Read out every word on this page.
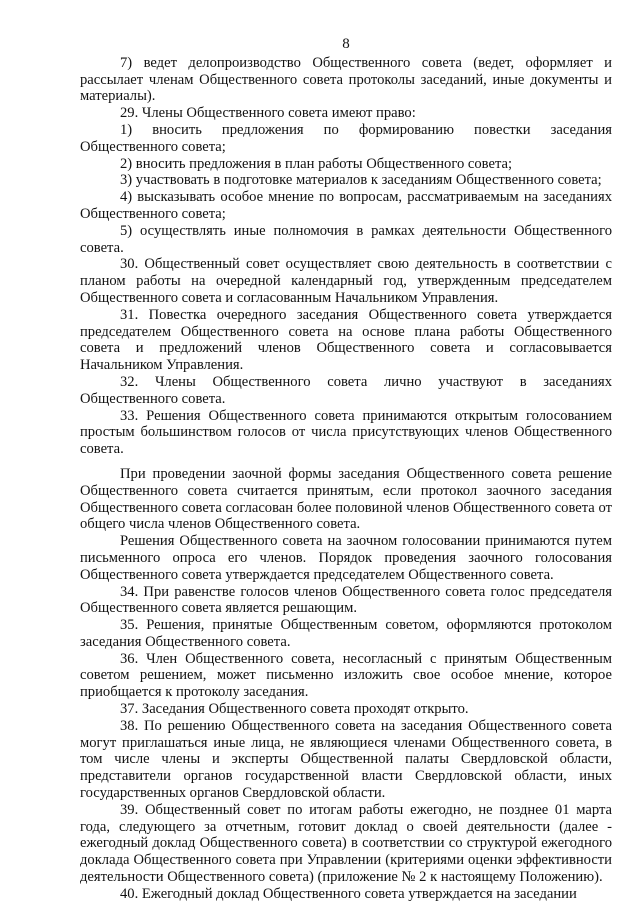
8

7) ведет делопроизводство Общественного совета (ведет, оформляет и рассылает членам Общественного совета протоколы заседаний, иные документы и материалы).

29. Члены Общественного совета имеют право:

1) вносить предложения по формированию повестки заседания Общественного совета;

2) вносить предложения в план работы Общественного совета;

3) участвовать в подготовке материалов к заседаниям Общественного совета;

4) высказывать особое мнение по вопросам, рассматриваемым на заседаниях Общественного совета;

5) осуществлять иные полномочия в рамках деятельности Общественного совета.

30. Общественный совет осуществляет свою деятельность в соответствии с планом работы на очередной календарный год, утвержденным председателем Общественного совета и согласованным Начальником Управления.

31. Повестка очередного заседания Общественного совета утверждается председателем Общественного совета на основе плана работы Общественного совета и предложений членов Общественного совета и согласовывается Начальником Управления.

32. Члены Общественного совета лично участвуют в заседаниях Общественного совета.

33. Решения Общественного совета принимаются открытым голосованием простым большинством голосов от числа присутствующих членов Общественного совета.

При проведении заочной формы заседания Общественного совета решение Общественного совета считается принятым, если протокол заочного заседания Общественного совета согласован более половиной членов Общественного совета от общего числа членов Общественного совета.

Решения Общественного совета на заочном голосовании принимаются путем письменного опроса его членов. Порядок проведения заочного голосования Общественного совета утверждается председателем Общественного совета.

34. При равенстве голосов членов Общественного совета голос председателя Общественного совета является решающим.

35. Решения, принятые Общественным советом, оформляются протоколом заседания Общественного совета.

36. Член Общественного совета, несогласный с принятым Общественным советом решением, может письменно изложить свое особое мнение, которое приобщается к протоколу заседания.

37. Заседания Общественного совета проходят открыто.

38. По решению Общественного совета на заседания Общественного совета могут приглашаться иные лица, не являющиеся членами Общественного совета, в том числе члены и эксперты Общественной палаты Свердловской области, представители органов государственной власти Свердловской области, иных государственных органов Свердловской области.

39. Общественный совет по итогам работы ежегодно, не позднее 01 марта года, следующего за отчетным, готовит доклад о своей деятельности (далее - ежегодный доклад Общественного совета) в соответствии со структурой ежегодного доклада Общественного совета при Управлении (критериями оценки эффективности деятельности Общественного совета) (приложение № 2 к настоящему Положению).

40. Ежегодный доклад Общественного совета утверждается на заседании
